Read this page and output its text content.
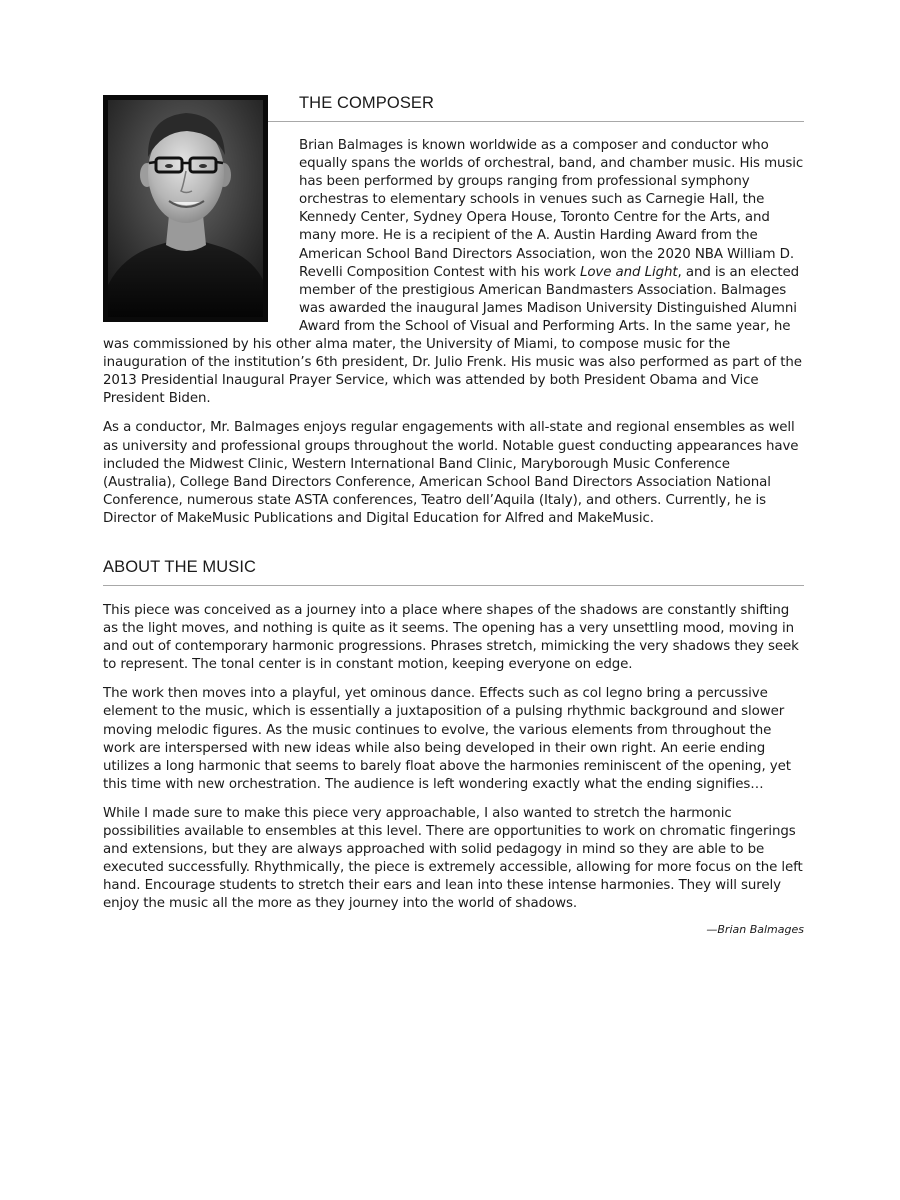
THE COMPOSER

Brian Balmages is known worldwide as a composer and conductor who equally spans the worlds of orchestral, band, and chamber music. His music has been performed by groups ranging from professional symphony orchestras to elementary schools in venues such as Carnegie Hall, the Kennedy Center, Sydney Opera House, Toronto Centre for the Arts, and many more. He is a recipient of the A. Austin Harding Award from the American School Band Directors Association, won the 2020 NBA William D. Revelli Composition Contest with his work Love and Light, and is an elected member of the prestigious American Bandmasters Association. Balmages was awarded the inaugural James Madison University Distinguished Alumni Award from the School of Visual and Performing Arts. In the same year, he was commissioned by his other alma mater, the University of Miami, to compose music for the inauguration of the institution’s 6th president, Dr. Julio Frenk. His music was also performed as part of the 2013 Presidential Inaugural Prayer Service, which was attended by both President Obama and Vice President Biden.

As a conductor, Mr. Balmages enjoys regular engagements with all-state and regional ensembles as well as university and professional groups throughout the world. Notable guest conducting appearances have included the Midwest Clinic, Western International Band Clinic, Maryborough Music Conference (Australia), College Band Directors Conference, American School Band Directors Association National Conference, numerous state ASTA conferences, Teatro dell’Aquila (Italy), and others. Currently, he is Director of MakeMusic Publications and Digital Education for Alfred and MakeMusic.

ABOUT THE MUSIC

This piece was conceived as a journey into a place where shapes of the shadows are constantly shifting as the light moves, and nothing is quite as it seems. The opening has a very unsettling mood, moving in and out of contemporary harmonic progressions. Phrases stretch, mimicking the very shadows they seek to represent. The tonal center is in constant motion, keeping everyone on edge.

The work then moves into a playful, yet ominous dance. Effects such as col legno bring a percussive element to the music, which is essentially a juxtaposition of a pulsing rhythmic background and slower moving melodic figures. As the music continues to evolve, the various elements from throughout the work are interspersed with new ideas while also being developed in their own right. An eerie ending utilizes a long harmonic that seems to barely float above the harmonies reminiscent of the opening, yet this time with new orchestration. The audience is left wondering exactly what the ending signifies…

While I made sure to make this piece very approachable, I also wanted to stretch the harmonic possibilities available to ensembles at this level. There are opportunities to work on chromatic fingerings and extensions, but they are always approached with solid pedagogy in mind so they are able to be executed successfully. Rhythmically, the piece is extremely accessible, allowing for more focus on the left hand. Encourage students to stretch their ears and lean into these intense harmonies. They will surely enjoy the music all the more as they journey into the world of shadows.

—Brian Balmages
